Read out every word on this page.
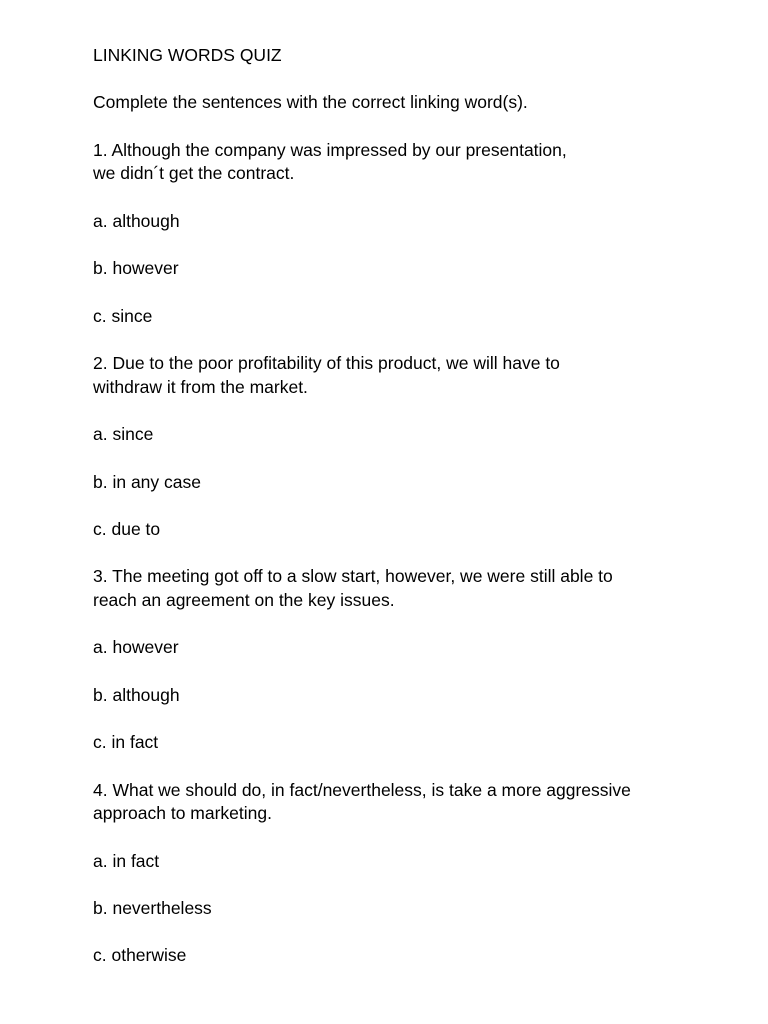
LINKING WORDS QUIZ

Complete the sentences with the correct linking word(s).

1. Although the company was impressed by our presentation,
we didn´t get the contract.

a. although

b. however

c. since

2. Due to the poor profitability of this product, we will have to
withdraw it from the market.

a. since

b. in any case

c. due to

3. The meeting got off to a slow start, however, we were still able to
reach an agreement on the key issues.

a. however

b. although

c. in fact

4. What we should do, in fact/nevertheless, is take a more aggressive
approach to marketing.

a. in fact

b. nevertheless

c. otherwise
